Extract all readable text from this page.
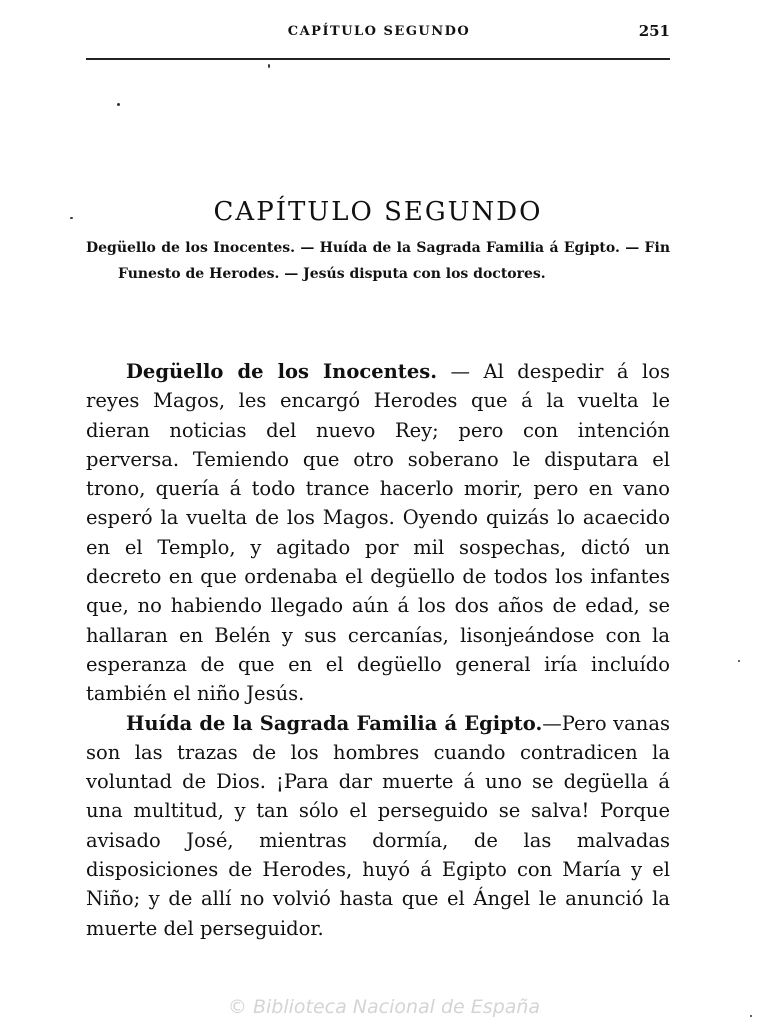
CAPÍTULO SEGUNDO	251
CAPÍTULO SEGUNDO
Degüello de los Inocentes. — Huída de la Sagrada Familia á Egipto. — Fin Funesto de Herodes. — Jesús disputa con los doctores.

Degüello de los Inocentes. — Al despedir á los reyes Magos, les encargó Herodes que á la vuelta le dieran noticias del nuevo Rey; pero con intención perversa. Temiendo que otro soberano le disputara el trono, quería á todo trance hacerlo morir, pero en vano esperó la vuelta de los Magos. Oyendo quizás lo acaecido en el Templo, y agitado por mil sospechas, dictó un decreto en que ordenaba el degüello de todos los infantes que, no habiendo llegado aún á los dos años de edad, se hallaran en Belén y sus cercanías, lisonjeándose con la esperanza de que en el degüello general iría incluído también el niño Jesús.

Huída de la Sagrada Familia á Egipto.—Pero vanas son las trazas de los hombres cuando contradicen la voluntad de Dios. ¡Para dar muerte á uno se degüella á una multitud, y tan sólo el perseguido se salva! Porque avisado José, mientras dormía, de las malvadas disposiciones de Herodes, huyó á Egipto con María y el Niño; y de allí no volvió hasta que el Ángel le anunció la muerte del perseguidor.

© Biblioteca Nacional de España
